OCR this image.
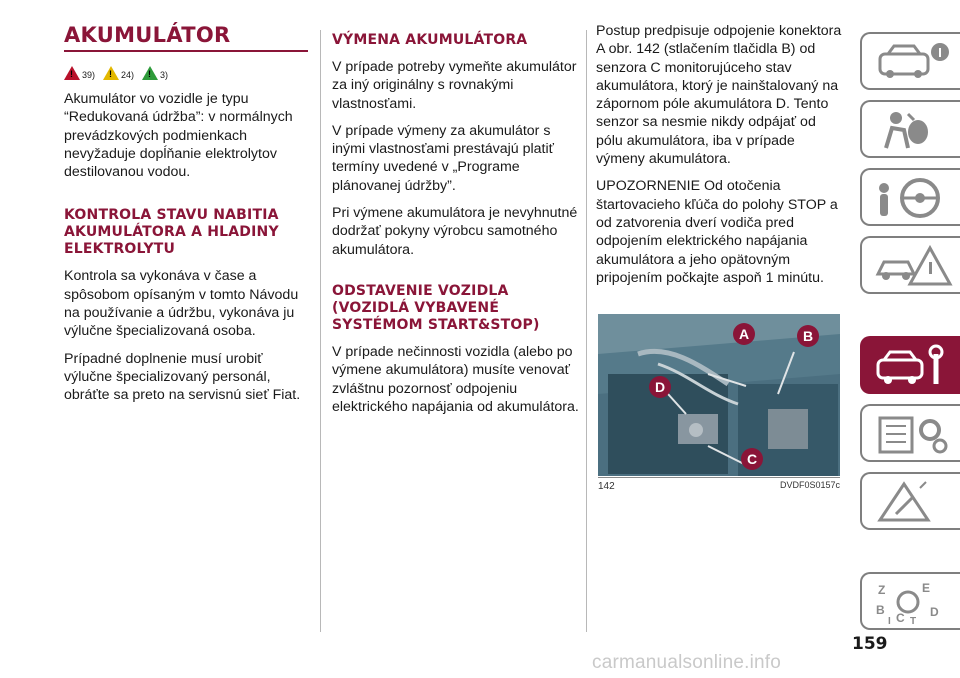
AKUMULÁTOR
!
39) !	24) !	3)

Akumulátor vo vozidle je typu “Redukovaná údržba”: v normálnych prevádzkových podmienkach nevyžaduje dopĺňanie elektrolytov destilovanou vodou.

KONTROLA STAVU NABITIA AKUMULÁTORA A HLADINY ELEKTROLYTU

Kontrola sa vykonáva v čase a spôsobom opísaným v tomto Návodu na používanie a údržbu, vykonáva ju výlučne špecializovaná osoba.

Prípadné doplnenie musí urobiť výlučne špecializovaný personál, obráťte sa preto na servisnú sieť Fiat.

VÝMENA AKUMULÁTORA

V prípade potreby vymeňte akumulátor za iný originálny s rovnakými vlastnosťami.

V prípade výmeny za akumulátor s inými vlastnosťami prestávajú platiť termíny uvedené v „Programe plánovanej údržby”.

Pri výmene akumulátora je nevyhnutné dodržať pokyny výrobcu samotného akumulátora.

ODSTAVENIE VOZIDLA (VOZIDLÁ VYBAVENÉ SYSTÉMOM START&STOP)

V prípade nečinnosti vozidla (alebo po výmene akumulátora) musíte venovať zvláštnu pozornosť odpojeniu elektrického napájania od akumulátora.

Postup predpisuje odpojenie konektora A obr. 142 (stlačením tlačidla B) od senzora C monitorujúceho stav akumulátora, ktorý je nainštalovaný na zápornom póle akumulátora D. Tento senzor sa nesmie nikdy odpájať od pólu akumulátora, iba v prípade výmeny akumulátora.

UPOZORNENIE Od otočenia štartovacieho kľúča do polohy STOP a od zatvorenia dverí vodiča pred odpojením elektrického napájania akumulátora a jeho opätovným pripojením počkajte aspoň 1 minútu.

A	B
D
C
142	DVDF0S0157c
Z	E
B
C D
I T
159
carmanualsonline.info
